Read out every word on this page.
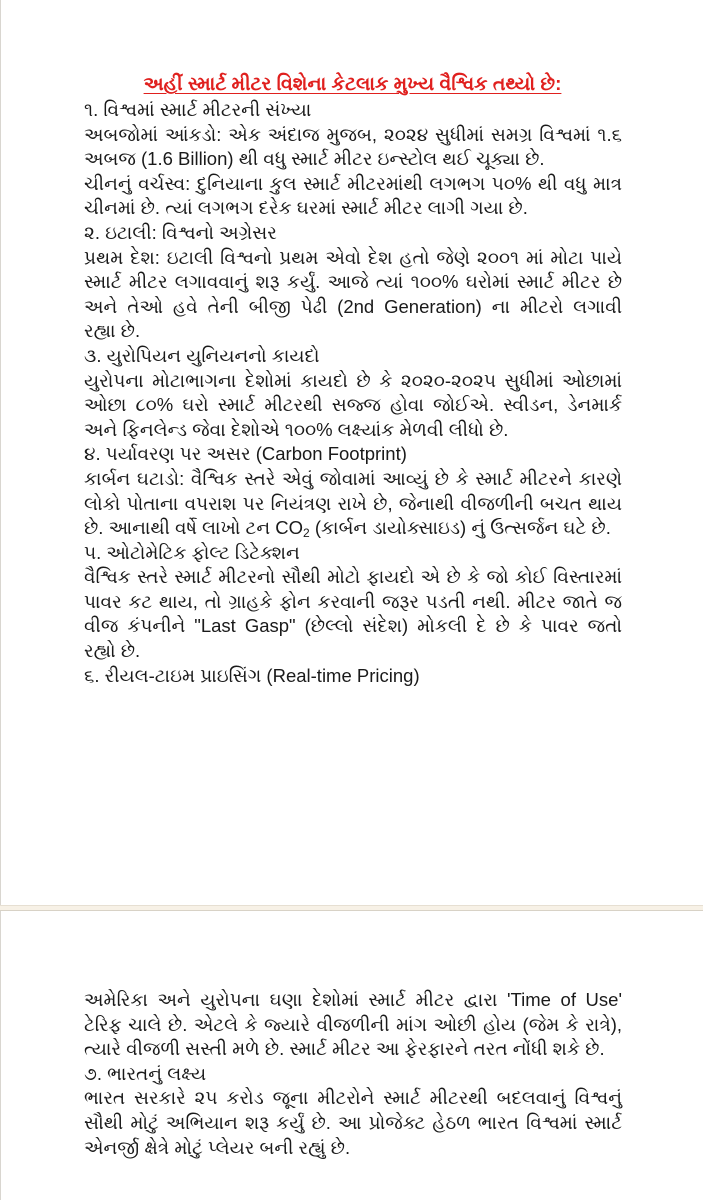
અહીં સ્માર્ટ મીટર વિશેના કેટલાક મુખ્ય વૈશ્વિક તથ્યો છે:
૧. વિશ્વમાં સ્માર્ટ મીટરની સંખ્યા
અબજોમાં આંકડો: એક અંદાજ મુજબ, ૨૦૨૪ સુધીમાં સમગ્ર વિશ્વમાં ૧.૬
અબજ (1.6 Billion) થી વધુ સ્માર્ટ મીટર ઇન્સ્ટોલ થઈ ચૂક્યા છે.
ચીનનું વર્ચસ્વ: દુનિયાના કુલ સ્માર્ટ મીટરમાંથી લગભગ ૫૦% થી વધુ માત્ર
ચીનમાં છે. ત્યાં લગભગ દરેક ઘરમાં સ્માર્ટ મીટર લાગી ગયા છે.
૨. ઇટાલી: વિશ્વનો અગ્રેસર
પ્રથમ દેશ: ઇટાલી વિશ્વનો પ્રથમ એવો દેશ હતો જેણે ૨૦૦૧ માં મોટા પાયે
સ્માર્ટ મીટર લગાવવાનું શરૂ કર્યું. આજે ત્યાં ૧૦૦% ઘરોમાં સ્માર્ટ મીટર છે
અને તેઓ હવે તેની બીજી પેઢી (2nd Generation) ના મીટરો લગાવી
રહ્યા છે.
૩. યુરોપિયન યુનિયનનો કાયદો
યુરોપના મોટાભાગના દેશોમાં કાયદો છે કે ૨૦૨૦-૨૦૨૫ સુધીમાં ઓછામાં
ઓછા ૮૦% ઘરો સ્માર્ટ મીટરથી સજ્જ હોવા જોઈએ. સ્વીડન, ડેનમાર્ક
અને ફિનલેન્ડ જેવા દેશોએ ૧૦૦% લક્ષ્યાંક મેળવી લીધો છે.
૪. પર્યાવરણ પર અસર (Carbon Footprint)
કાર્બન ઘટાડો: વૈશ્વિક સ્તરે એવું જોવામાં આવ્યું છે કે સ્માર્ટ મીટરને કારણે
લોકો પોતાના વપરાશ પર નિયંત્રણ રાખે છે, જેનાથી વીજળીની બચત થાય
છે. આનાથી વર્ષે લાખો ટન $CO_2$ (કાર્બન ડાયોક્સાઇડ) નું ઉત્સર્જન ઘટે છે.
૫. ઓટોમેટિક ફોલ્ટ ડિટેક્શન
વૈશ્વિક સ્તરે સ્માર્ટ મીટરનો સૌથી મોટો ફાયદો એ છે કે જો કોઈ વિસ્તારમાં
પાવર કટ થાય, તો ગ્રાહકે ફોન કરવાની જરૂર પડતી નથી. મીટર જાતે જ
વીજ કંપનીને "Last Gasp" (છેલ્લો સંદેશ) મોકલી દે છે કે પાવર જતો
રહ્યો છે.
૬. રીયલ-ટાઇમ પ્રાઇસિંગ (Real-time Pricing)
અમેરિકા અને યુરોપના ઘણા દેશોમાં સ્માર્ટ મીટર દ્વારા 'Time of Use'
ટેરિફ ચાલે છે. એટલે કે જ્યારે વીજળીની માંગ ઓછી હોય (જેમ કે રાત્રે),
ત્યારે વીજળી સસ્તી મળે છે. સ્માર્ટ મીટર આ ફેરફારને તરત નોંધી શકે છે.
૭. ભારતનું લક્ષ્ય
ભારત સરકારે ૨૫ કરોડ જૂના મીટરોને સ્માર્ટ મીટરથી બદલવાનું વિશ્વનું
સૌથી મોટું અભિયાન શરૂ કર્યું છે. આ પ્રોજેક્ટ હેઠળ ભારત વિશ્વમાં સ્માર્ટ
એનર્જી ક્ષેત્રે મોટું પ્લેયર બની રહ્યું છે.
